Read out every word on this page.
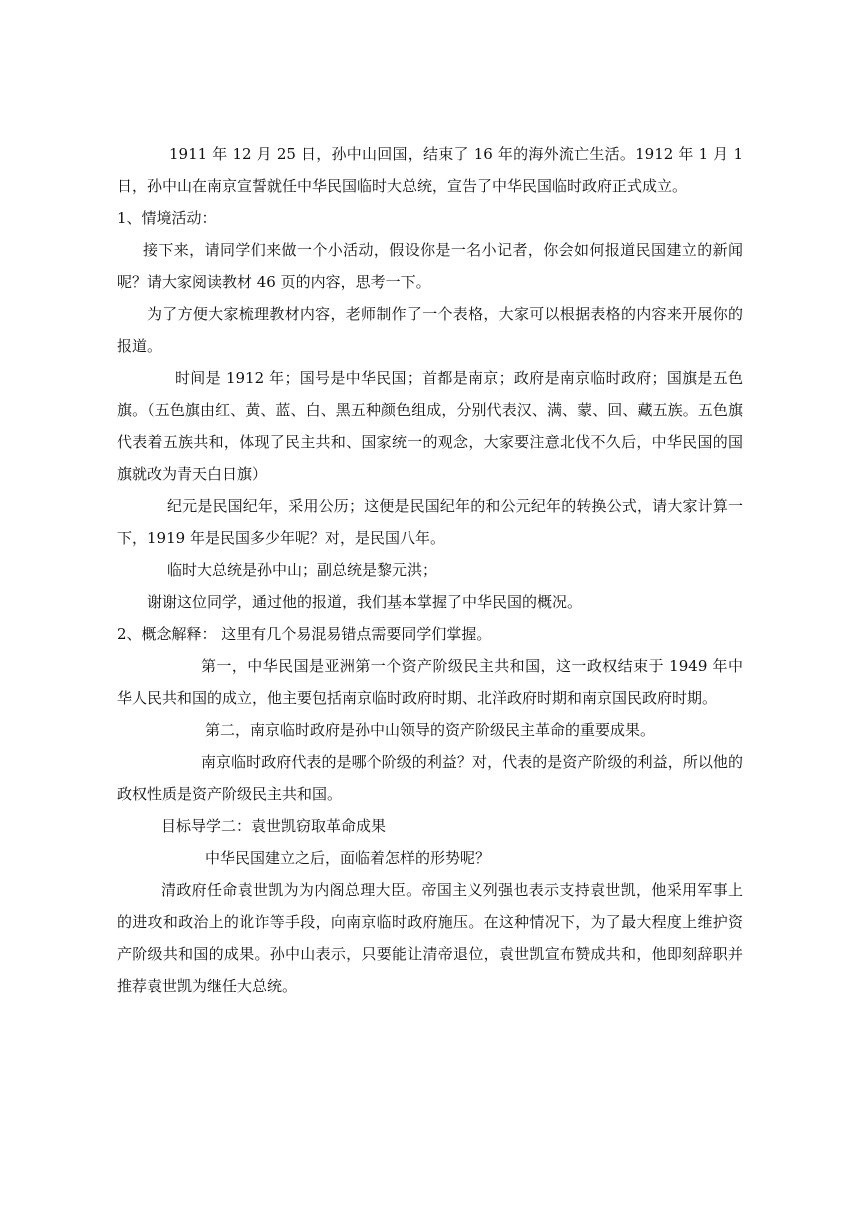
1911 年 12 月 25 日，孙中山回国，结束了 16 年的海外流亡生活。1912 年 1 月 1 日，孙中山在南京宣誓就任中华民国临时大总统，宣告了中华民国临时政府正式成立。

1、情境活动：

接下来，请同学们来做一个小活动，假设你是一名小记者，你会如何报道民国建立的新闻呢？请大家阅读教材 46 页的内容，思考一下。

为了方便大家梳理教材内容，老师制作了一个表格，大家可以根据表格的内容来开展你的报道。

时间是 1912 年；国号是中华民国；首都是南京；政府是南京临时政府；国旗是五色旗。（五色旗由红、黄、蓝、白、黑五种颜色组成，分别代表汉、满、蒙、回、藏五族。五色旗代表着五族共和，体现了民主共和、国家统一的观念，大家要注意北伐不久后，中华民国的国旗就改为青天白日旗）

纪元是民国纪年，采用公历；这便是民国纪年的和公元纪年的转换公式，请大家计算一下，1919 年是民国多少年呢？对，是民国八年。

临时大总统是孙中山；副总统是黎元洪；

谢谢这位同学，通过他的报道，我们基本掌握了中华民国的概况。

2、概念解释： 这里有几个易混易错点需要同学们掌握。

第一，中华民国是亚洲第一个资产阶级民主共和国，这一政权结束于 1949 年中华人民共和国的成立，他主要包括南京临时政府时期、北洋政府时期和南京国民政府时期。

第二，南京临时政府是孙中山领导的资产阶级民主革命的重要成果。

南京临时政府代表的是哪个阶级的利益？对，代表的是资产阶级的利益，所以他的政权性质是资产阶级民主共和国。

目标导学二：袁世凯窃取革命成果

中华民国建立之后，面临着怎样的形势呢？

清政府任命袁世凯为为内阁总理大臣。帝国主义列强也表示支持袁世凯，他采用军事上的进攻和政治上的讹诈等手段，向南京临时政府施压。在这种情况下，为了最大程度上维护资产阶级共和国的成果。孙中山表示，只要能让清帝退位，袁世凯宣布赞成共和，他即刻辞职并推荐袁世凯为继任大总统。
